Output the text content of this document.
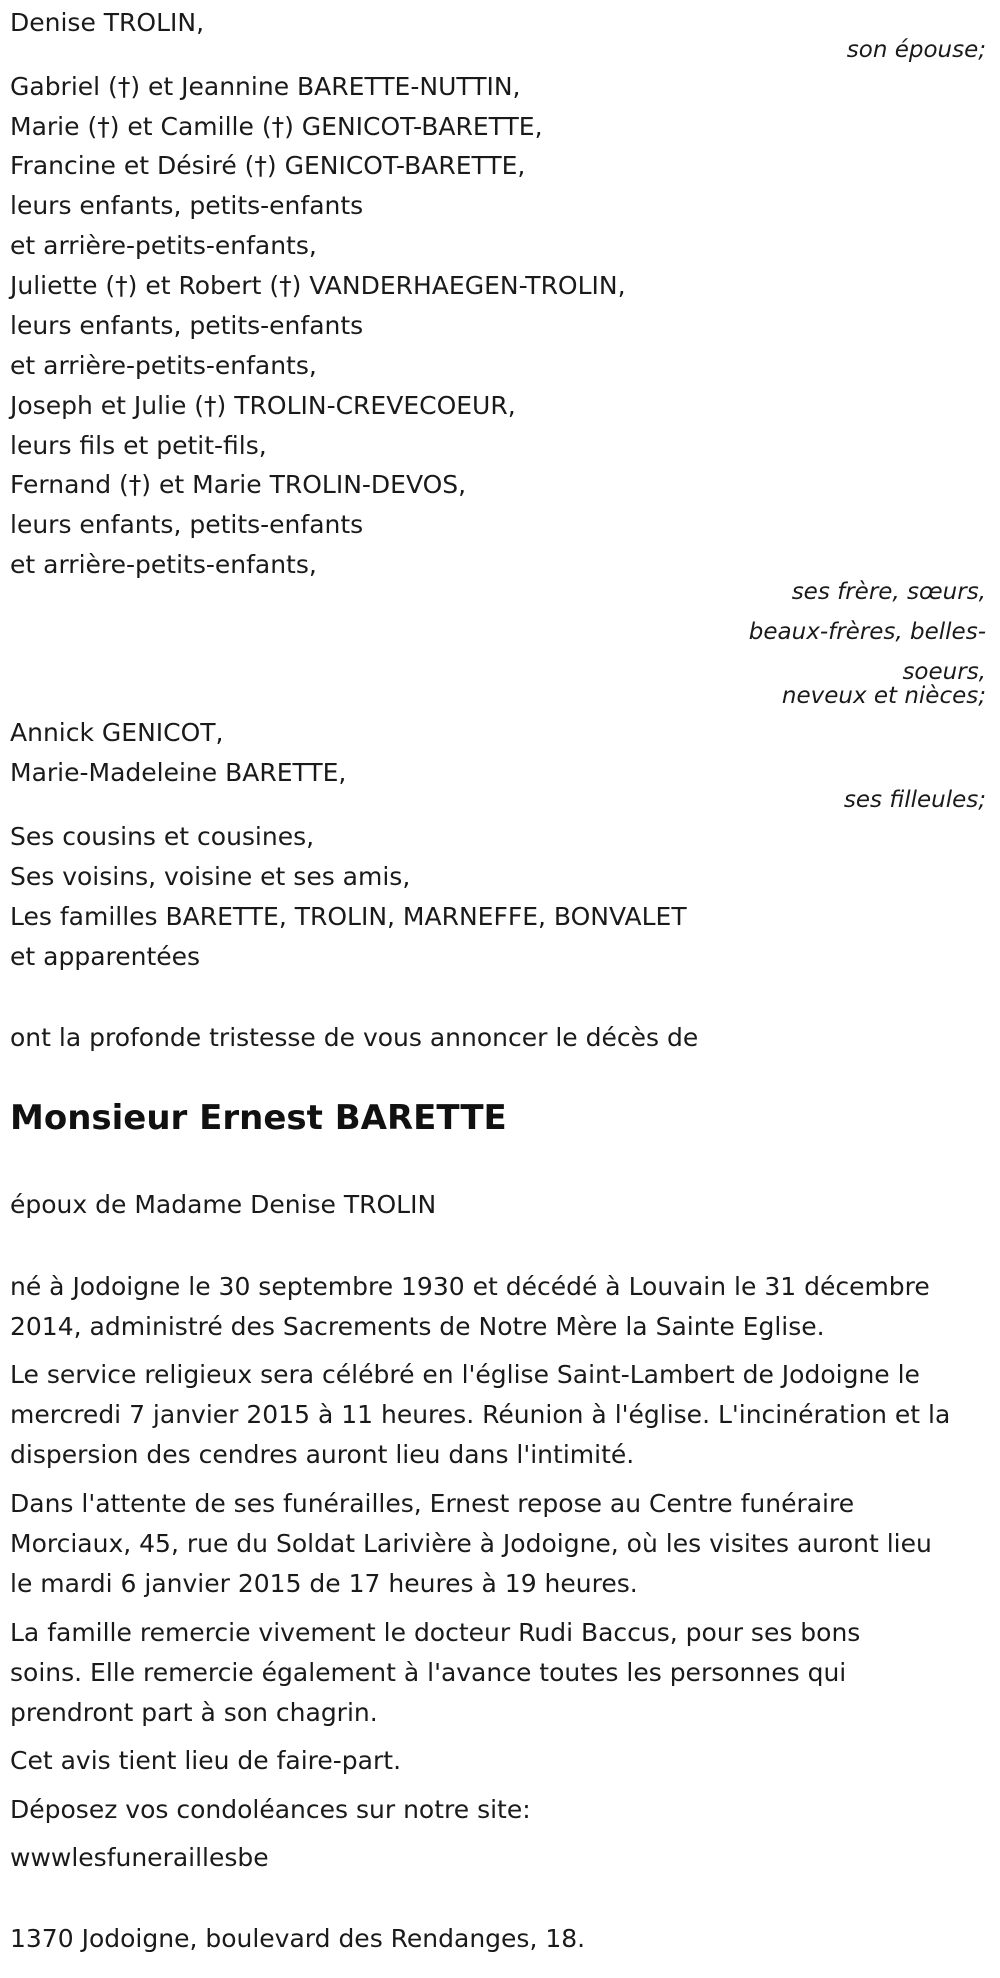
Denise TROLIN,
son épouse;
Gabriel (†) et Jeannine BARETTE-NUTTIN,
Marie (†) et Camille (†) GENICOT-BARETTE,
Francine et Désiré (†) GENICOT-BARETTE,
leurs enfants, petits-enfants
et arrière-petits-enfants,
Juliette (†) et Robert (†) VANDERHAEGEN-TROLIN,
leurs enfants, petits-enfants
et arrière-petits-enfants,
Joseph et Julie (†) TROLIN-CREVECOEUR,
leurs fils et petit-fils,
Fernand (†) et Marie TROLIN-DEVOS,
leurs enfants, petits-enfants
et arrière-petits-enfants,
ses frère, sœurs,
beaux-frères, belles-
soeurs,
neveux et nièces;
Annick GENICOT,
Marie-Madeleine BARETTE,
ses filleules;
Ses cousins et cousines,
Ses voisins, voisine et ses amis,
Les familles BARETTE, TROLIN, MARNEFFE, BONVALET
et apparentées
ont la profonde tristesse de vous annoncer le décès de
Monsieur Ernest BARETTE
époux de Madame Denise TROLIN
né à Jodoigne le 30 septembre 1930 et décédé à Louvain le 31 décembre
2014, administré des Sacrements de Notre Mère la Sainte Eglise.
Le service religieux sera célébré en l'église Saint-Lambert de Jodoigne le
mercredi 7 janvier 2015 à 11 heures. Réunion à l'église. L'incinération et la
dispersion des cendres auront lieu dans l'intimité.
Dans l'attente de ses funérailles, Ernest repose au Centre funéraire
Morciaux, 45, rue du Soldat Larivière à Jodoigne, où les visites auront lieu
le mardi 6 janvier 2015 de 17 heures à 19 heures.
La famille remercie vivement le docteur Rudi Baccus, pour ses bons
soins. Elle remercie également à l'avance toutes les personnes qui
prendront part à son chagrin.
Cet avis tient lieu de faire-part.
Déposez vos condoléances sur notre site:
wwwlesfuneraillesbe
1370 Jodoigne, boulevard des Rendanges, 18.
